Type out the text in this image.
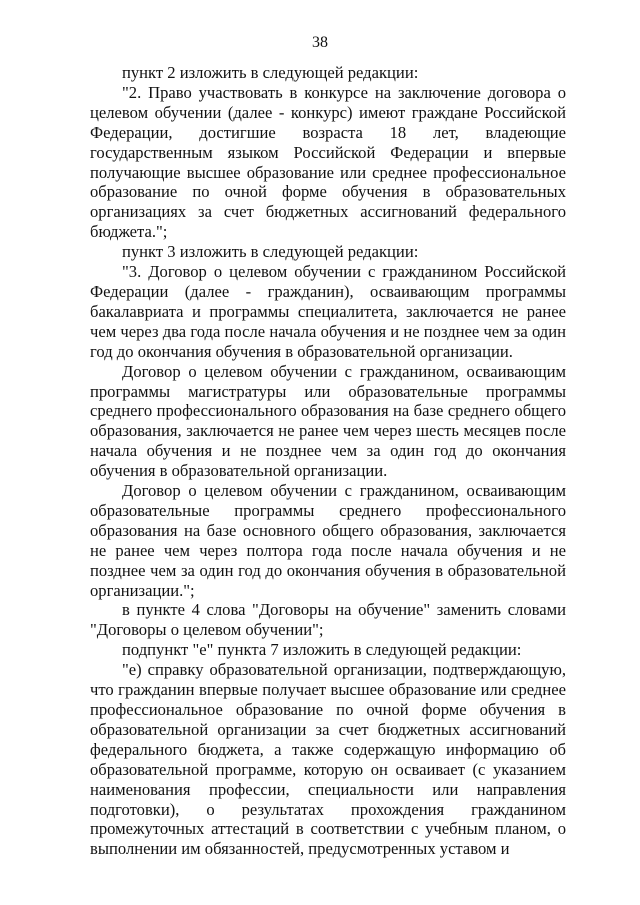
38

пункт 2 изложить в следующей редакции:

"2. Право участвовать в конкурсе на заключение договора о целевом обучении (далее - конкурс) имеют граждане Российской Федерации, достигшие возраста 18 лет, владеющие государственным языком Российской Федерации и впервые получающие высшее образование или среднее профессиональное образование по очной форме обучения в образовательных организациях за счет бюджетных ассигнований федерального бюджета.";

пункт 3 изложить в следующей редакции:

"3. Договор о целевом обучении с гражданином Российской Федерации (далее - гражданин), осваивающим программы бакалавриата и программы специалитета, заключается не ранее чем через два года после начала обучения и не позднее чем за один год до окончания обучения в образовательной организации.

Договор о целевом обучении с гражданином, осваивающим программы магистратуры или образовательные программы среднего профессионального образования на базе среднего общего образования, заключается не ранее чем через шесть месяцев после начала обучения и не позднее чем за один год до окончания обучения в образовательной организации.

Договор о целевом обучении с гражданином, осваивающим образовательные программы среднего профессионального образования на базе основного общего образования, заключается не ранее чем через полтора года после начала обучения и не позднее чем за один год до окончания обучения в образовательной организации.";

в пункте 4 слова "Договоры на обучение" заменить словами "Договоры о целевом обучении";

подпункт "е" пункта 7 изложить в следующей редакции:

"е) справку образовательной организации, подтверждающую, что гражданин впервые получает высшее образование или среднее профессиональное образование по очной форме обучения в образовательной организации за счет бюджетных ассигнований федерального бюджета, а также содержащую информацию об образовательной программе, которую он осваивает (с указанием наименования профессии, специальности или направления подготовки), о результатах прохождения гражданином промежуточных аттестаций в соответствии с учебным планом, о выполнении им обязанностей, предусмотренных уставом и
